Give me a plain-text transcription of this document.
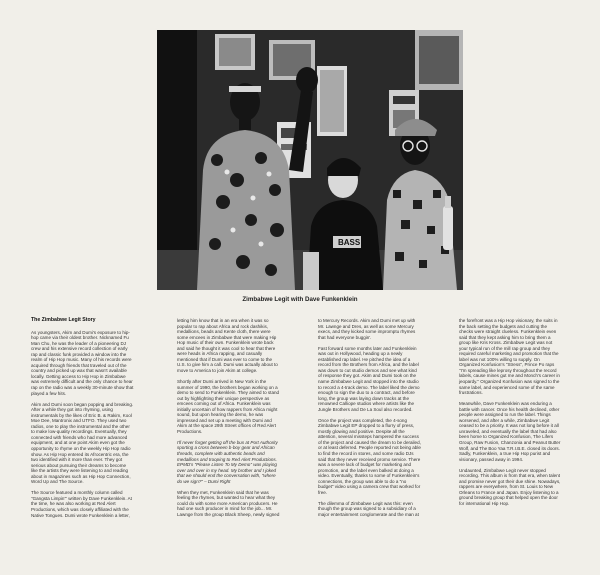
BASS
Zimbabwe Legit with Dave Funkenklein
The Zimbabwe Legit Story

As youngsters, Akim and Dumi's exposure to hip-hop came via their oldest brother. Nicknamed Fu Man Chu, he was the leader of a pioneering DJ crew and his extensive record collection of early rap and classic funk provided a window into the realm of Hip Hop music. Many of his records were acquired through friends that traveled out of the country and picked up wax that wasn't available locally. Getting access to Hip Hop in Zimbabwe was extremely difficult and the only chance to hear rap on the radio was a weekly 30-minute show that played a few hits.

Akim and Dumi soon began popping and breaking. After a while they got into rhyming, using instrumentals by the likes of Eric B. & Rakim, Kool Moe Dee, Mantronix and UTFO. They used two radios, one to play the instrumental and the other to make low-quality recordings. Eventually, they connected with friends who had more advanced equipment, and at one point Akim even got the opportunity to rhyme on the weekly Hip Hop radio show. As Hip Hop entered its Afrocentric era, the two identified with it more than ever. They got serious about pursuing their dreams to become like the artists they were listening to and reading about in magazines such as Hip Hop Connection, Word Up and The Source.

The Source featured a monthly column called "Gangsta Limpin'" written by Dave Funkenklein. At the time, he was also working at Red Alert Productions, which was closely affiliated with the Native Tongues. Dumi wrote Funkenklein a letter,

letting him know that in an era when it was so popular to rap about Africa and rock dashikis, medallions, beads and Kente cloth, there were some emcees in Zimbabwe that were making Hip Hop music of their own. Funkenklein wrote back and said he thought it was cool to hear that there were heads in Africa rapping, and casually mentioned that if Dumi was ever to come to the U.S. to give him a call. Dumi was actually about to move to America to join Akim at college.

Shortly after Dumi arrived in New York in the summer of 1990, the brothers began working on a demo to send to Funkenklein. They aimed to stand out by highlighting their unique perspective as emcees coming out of Africa. Funkenklein was initially uncertain of how rappers from Africa might sound, but upon hearing the demo, he was impressed and set up a meeting with Dumi and Akim at the space 29th Street offices of Red Alert Productions.

I'll never forget getting off the bus at Port Authority sporting a cross between b-boy gear and African threads, complete with authentic beads and medallions and trooping to Red Alert Productions. EPMD's "Please Listen To My Demo" was playing over and over in my head. My brother and I joked that we should end the conversation with, "where do we sign?" – Dumi Right

When they met, Funkenklein said that he was feeling the rhymes, but wanted to hear what they could do with some more American producers. He had one such producer in mind for the job... Mr. Lawnge from the group Black Sheep, newly signed

to Mercury Records. Akim and Dumi met up with Mr. Lawnge and Dres, as well as some Mercury execs, and they kicked some impromptu rhymes that had everyone buggin'.

Fast forward some months later and Funkenklein was out in Hollywood, heading up a newly established rap label. He pitched the idea of a record from the Brothers from Africa, and the label was down to cut studio demos and see what kind of response they got. Akim and Dumi took on the name Zimbabwe Legit and stopped into the studio to record a 4-track demo. The label liked the demo enough to sign the duo to a contract, and before long, the group was laying down tracks at the renowned Calliope studios where artists like the Jungle Brothers and De La Soul also recorded.

Once the project was completed, the 4-song Zimbabwe Legit EP dropped to a flurry of press, mostly glowing and positive. Despite all the attention, several missteps hampered the success of the project and caused the dream to be derailed, or at least deferred. People reported not being able to find the record in stores, and some radio DJs said that they never received promo service. There was a severe lack of budget for marketing and promotion, and the label even balked at doing a video. Eventually, thanks to some of Funkenklein's connections, the group was able to do a "no budget" video using a camera crew that worked for free.

The dilemma of Zimbabwe Legit was this: even though the group was signed to a subsidiary of a major entertainment conglomerate and the man at

the forefront was a Hip Hop visionary, the suits in the back setting the budgets and cutting the checks were straight clueless. Funkenklein even said that they kept asking him to bring them a group like Kris Kross. Zimbabwe Legit was not your typical run of the mill rap group and they required careful marketing and promotion that the label was not 100% willing to supply. On Organized Konfusion's "Stress", Prince Po raps "I'm spreading like leprosy throughout the record labels, cause mines gut me and Monch's career in jeopardy." Organized Konfusion was signed to the same label, and experienced some of the same frustrations.

Meanwhile, Dave Funkenklein was enduring a battle with cancer. Once his health declined, other people were assigned to run the label. Things worsened, and after a while, Zimbabwe Legit ceased to be a priority. It was not long before it all unraveled, and eventually the label that had also been home to Organized Konfusion, The Lifers Group, Raw Fusion, Chanzonia and Peanut Butter Wolf, and The Boo Yaa T.R.I.B.E. closed its doors. Sadly, Funkenklein, a true Hip Hop purist and visionary, passed away in 1994.

Undaunted, Zimbabwe Legit never stopped recording. This album is from that era, when talent and promise never got their due shine. Nowadays, rappers are everywhere, from St. Louis to New Orleans to France and Japan. Enjoy listening to a ground breaking group that helped open the door for international Hip Hop.
